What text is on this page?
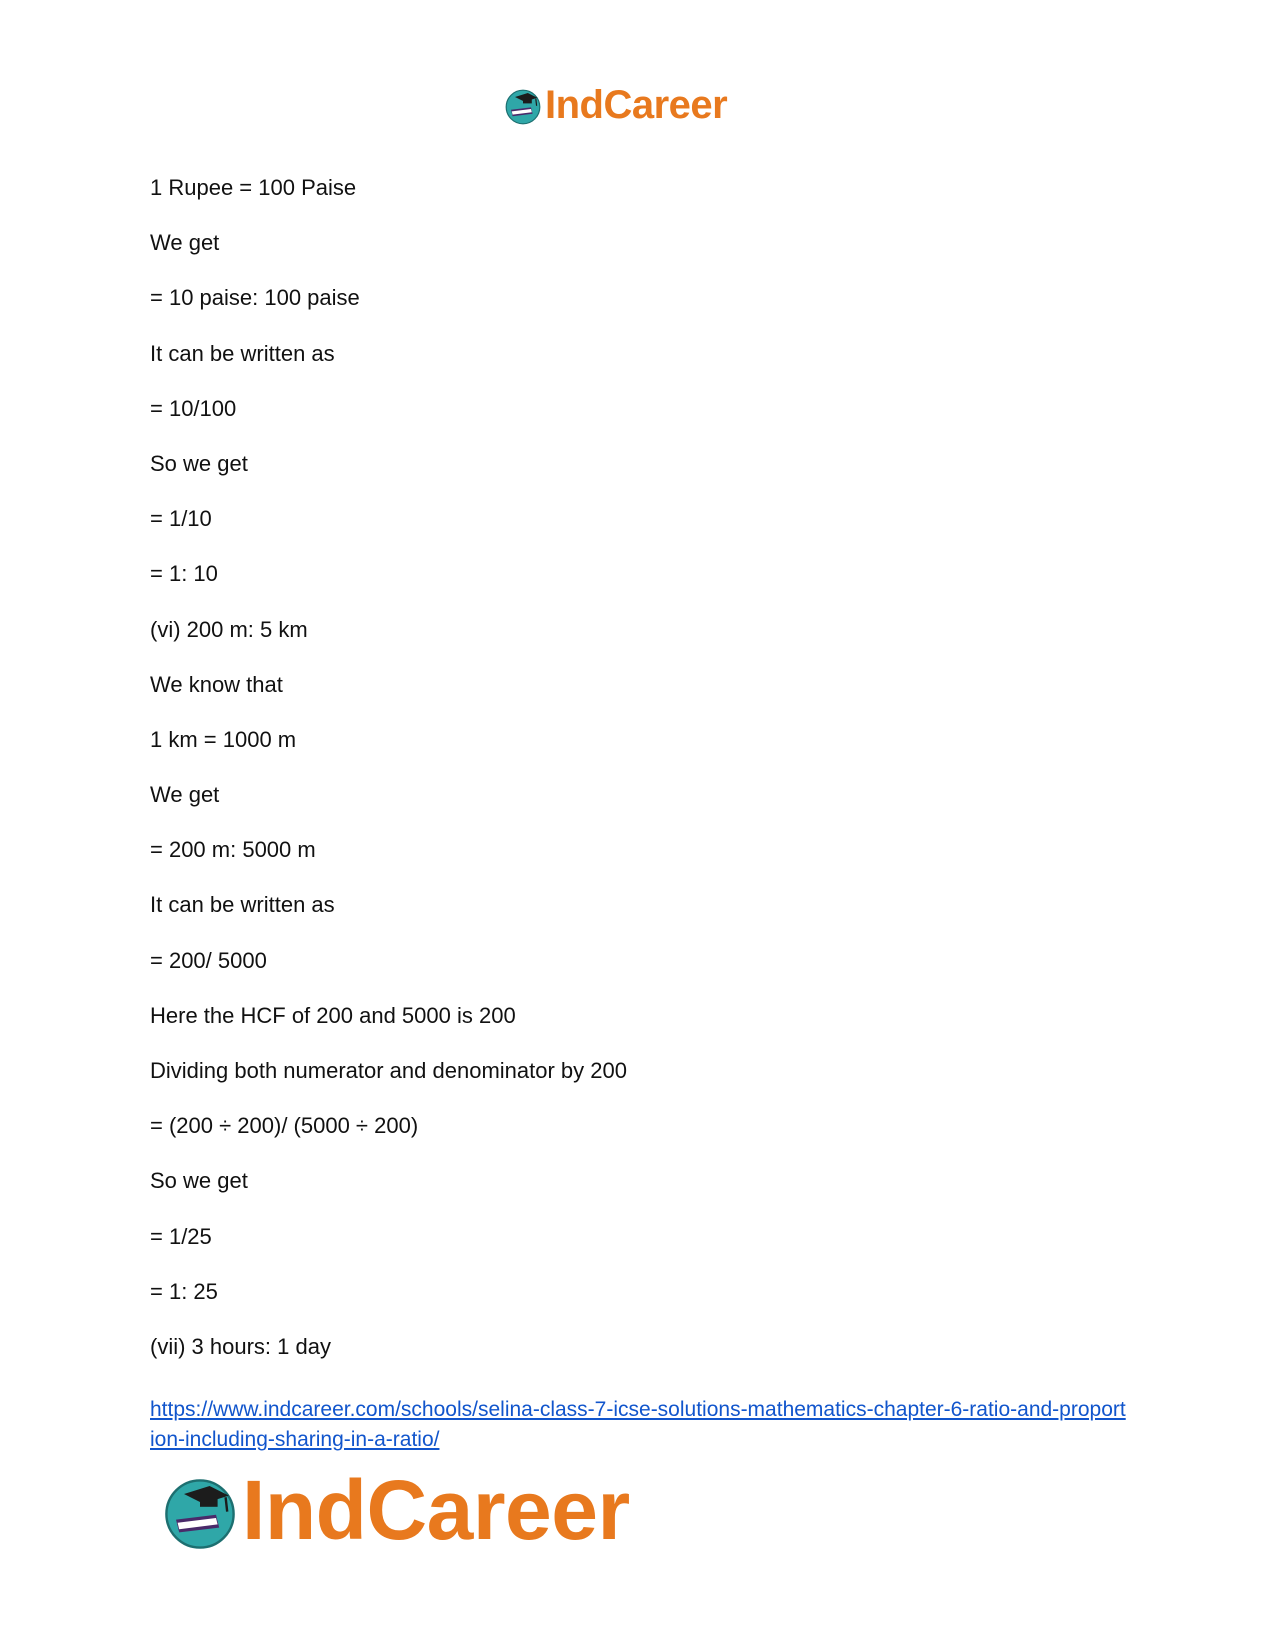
IndCareer
1 Rupee = 100 Paise
We get
= 10 paise: 100 paise
It can be written as
= 10/100
So we get
= 1/10
= 1: 10
(vi) 200 m: 5 km
We know that
1 km = 1000 m
We get
= 200 m: 5000 m
It can be written as
= 200/ 5000
Here the HCF of 200 and 5000 is 200
Dividing both numerator and denominator by 200
= (200 ÷ 200)/ (5000 ÷ 200)
So we get
= 1/25
= 1: 25
(vii) 3 hours: 1 day
https://www.indcareer.com/schools/selina-class-7-icse-solutions-mathematics-chapter-6-ratio-and-proportion-including-sharing-in-a-ratio/
IndCareer
